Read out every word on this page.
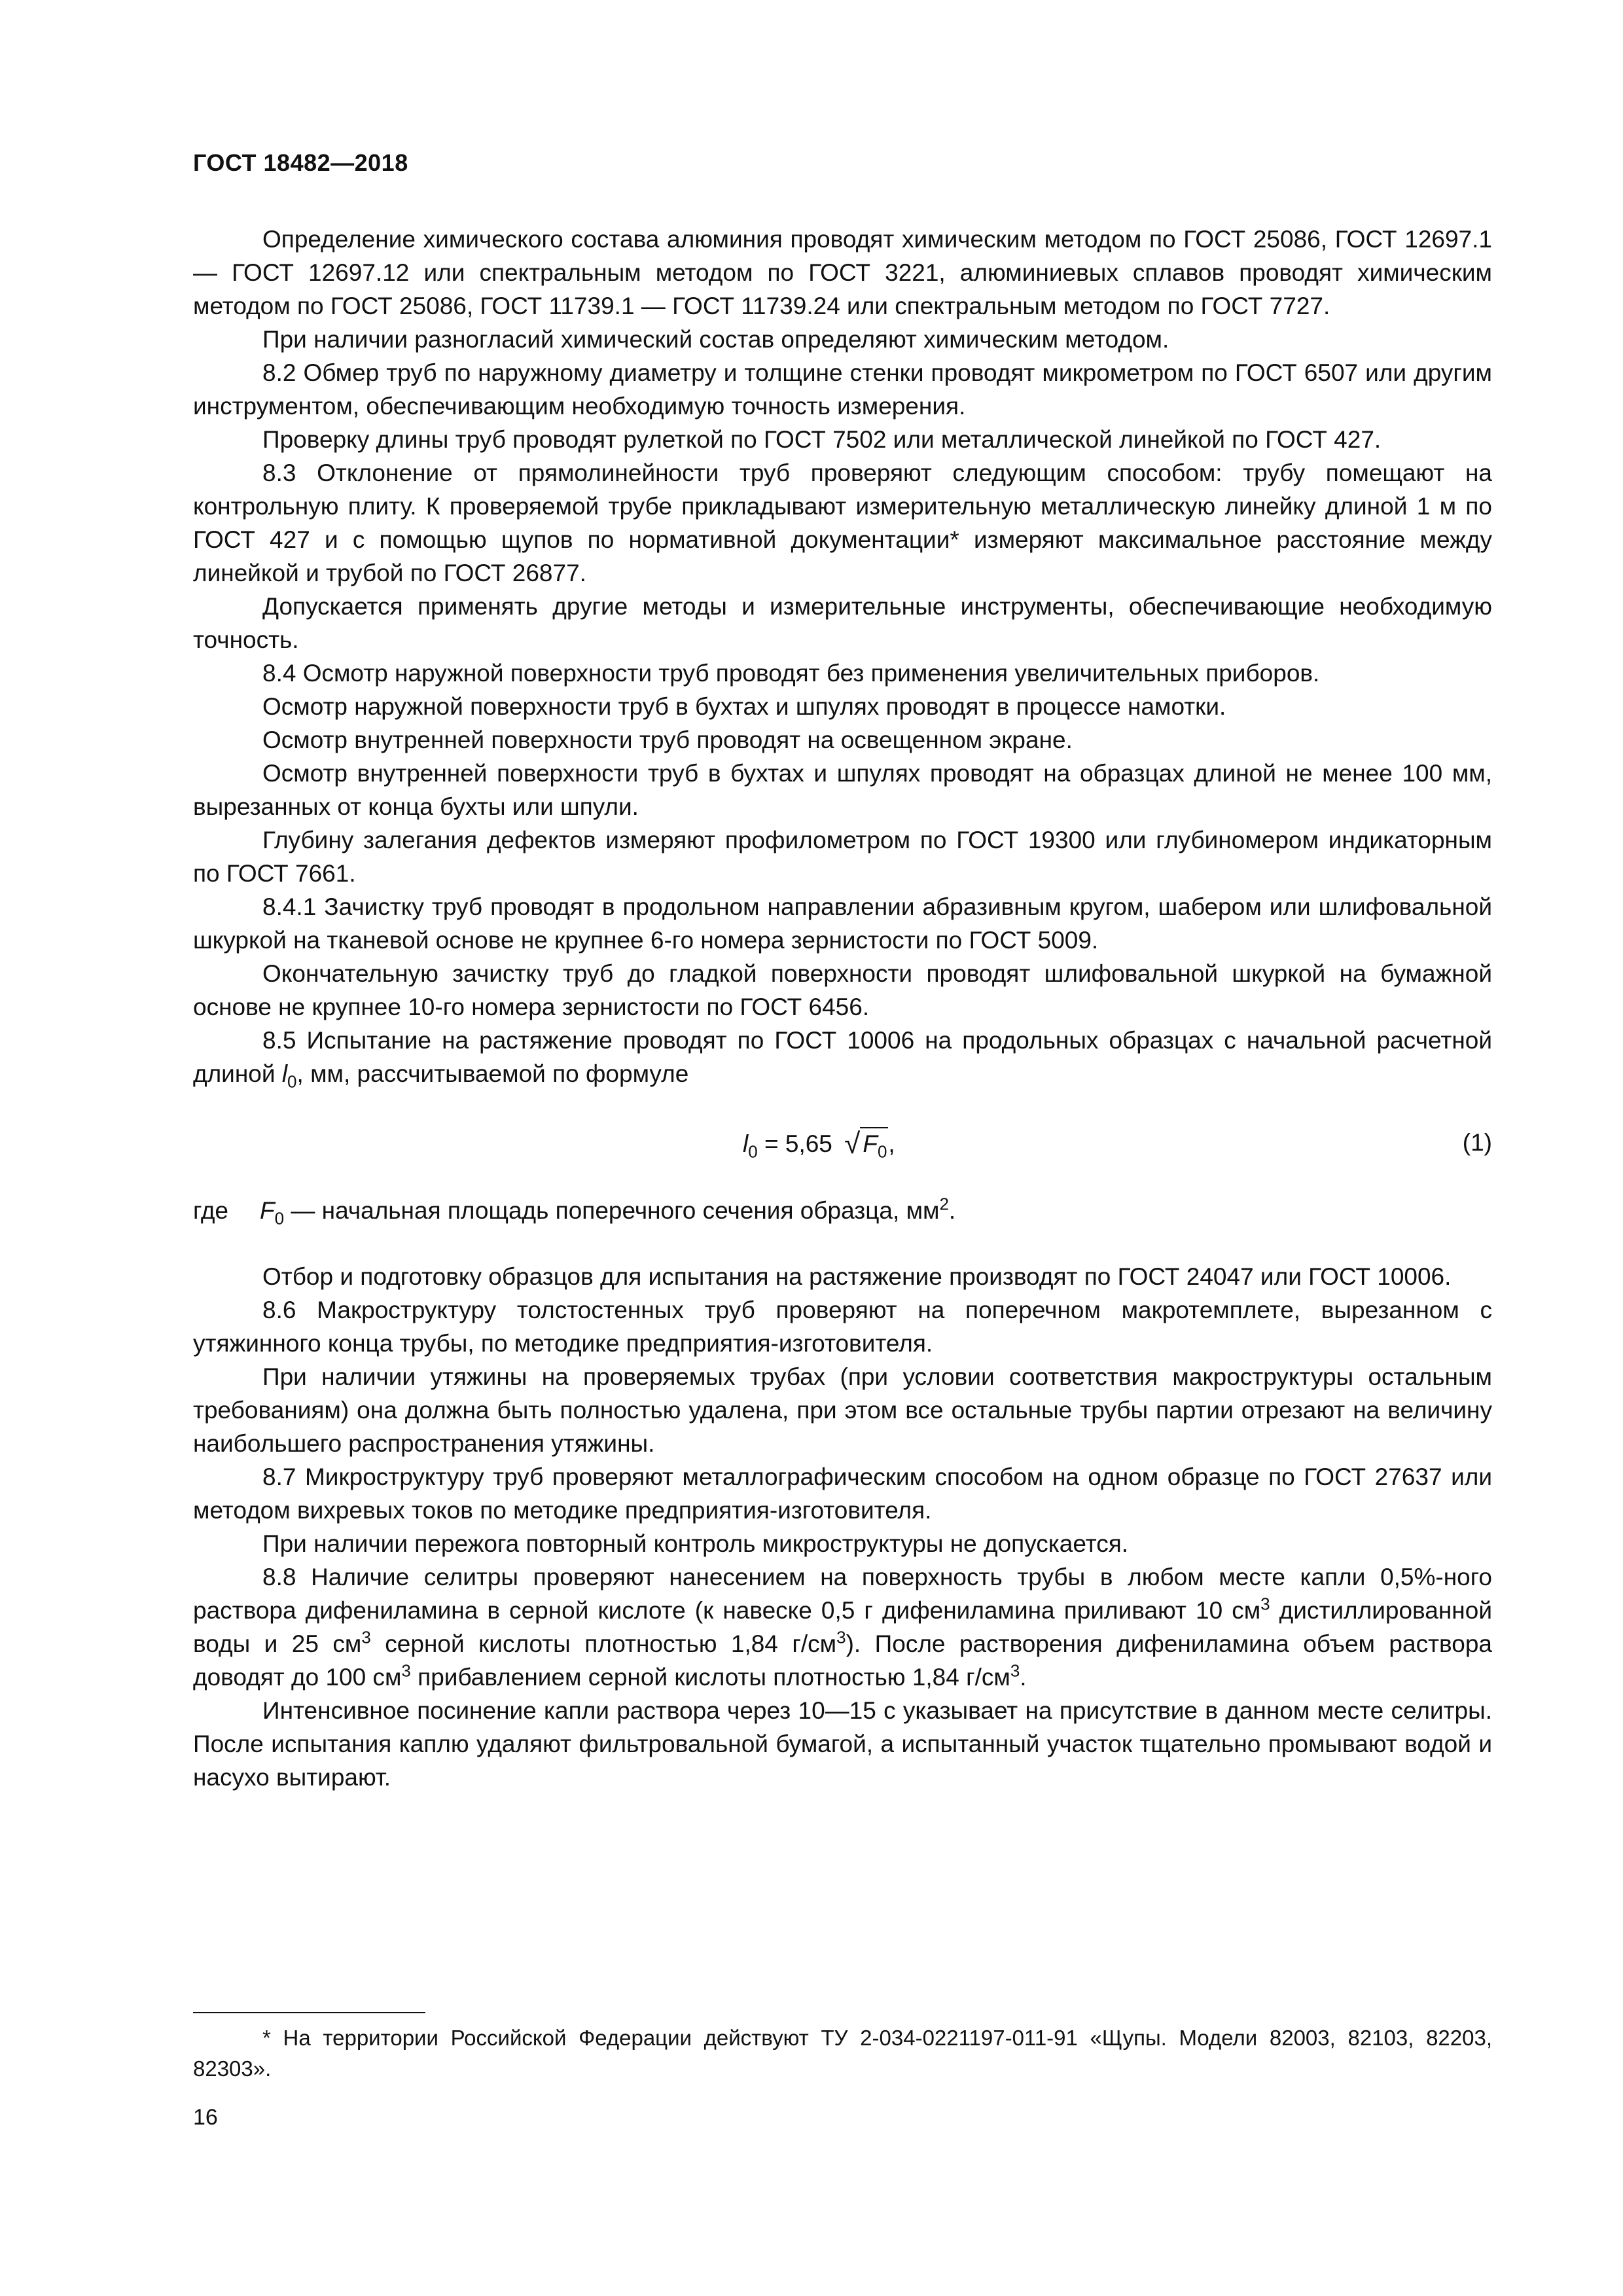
ГОСТ 18482—2018

Определение химического состава алюминия проводят химическим методом по ГОСТ 25086, ГОСТ 12697.1 — ГОСТ 12697.12 или спектральным методом по ГОСТ 3221, алюминиевых сплавов проводят химическим методом по ГОСТ 25086, ГОСТ 11739.1 — ГОСТ 11739.24 или спектральным методом по ГОСТ 7727.

При наличии разногласий химический состав определяют химическим методом.

8.2 Обмер труб по наружному диаметру и толщине стенки проводят микрометром по ГОСТ 6507 или другим инструментом, обеспечивающим необходимую точность измерения.

Проверку длины труб проводят рулеткой по ГОСТ 7502 или металлической линейкой по ГОСТ 427.

8.3 Отклонение от прямолинейности труб проверяют следующим способом: трубу помещают на контрольную плиту. К проверяемой трубе прикладывают измерительную металлическую линейку длиной 1 м по ГОСТ 427 и с помощью щупов по нормативной документации* измеряют максимальное расстояние между линейкой и трубой по ГОСТ 26877.

Допускается применять другие методы и измерительные инструменты, обеспечивающие необходимую точность.

8.4 Осмотр наружной поверхности труб проводят без применения увеличительных приборов.

Осмотр наружной поверхности труб в бухтах и шпулях проводят в процессе намотки.

Осмотр внутренней поверхности труб проводят на освещенном экране.

Осмотр внутренней поверхности труб в бухтах и шпулях проводят на образцах длиной не менее 100 мм, вырезанных от конца бухты или шпули.

Глубину залегания дефектов измеряют профилометром по ГОСТ 19300 или глубиномером индикаторным по ГОСТ 7661.

8.4.1 Зачистку труб проводят в продольном направлении абразивным кругом, шабером или шлифовальной шкуркой на тканевой основе не крупнее 6-го номера зернистости по ГОСТ 5009.

Окончательную зачистку труб до гладкой поверхности проводят шлифовальной шкуркой на бумажной основе не крупнее 10-го номера зернистости по ГОСТ 6456.

8.5 Испытание на растяжение проводят по ГОСТ 10006 на продольных образцах с начальной расчетной длиной $l_0$, мм, рассчитываемой по формуле

$l_0 = 5,65$ √ $F_0$,	(1)

где $F_0$ — начальная площадь поперечного сечения образца, $мм^2$.

Отбор и подготовку образцов для испытания на растяжение производят по ГОСТ 24047 или ГОСТ 10006.

8.6 Макроструктуру толстостенных труб проверяют на поперечном макротемплете, вырезанном с утяжинного конца трубы, по методике предприятия-изготовителя.

При наличии утяжины на проверяемых трубах (при условии соответствия макроструктуры остальным требованиям) она должна быть полностью удалена, при этом все остальные трубы партии отрезают на величину наибольшего распространения утяжины.

8.7 Микроструктуру труб проверяют металлографическим способом на одном образце по ГОСТ 27637 или методом вихревых токов по методике предприятия-изготовителя.

При наличии пережога повторный контроль микроструктуры не допускается.

8.8 Наличие селитры проверяют нанесением на поверхность трубы в любом месте капли 0,5%-ного раствора дифениламина в серной кислоте (к навеске 0,5 г дифениламина приливают 10 $см^3$ дистиллированной воды и 25 $см^3$ серной кислоты плотностью 1,84 $г/см^3$). После растворения дифениламина объем раствора доводят до 100 $см^3$ прибавлением серной кислоты плотностью 1,84 $г/см^3$.

Интенсивное посинение капли раствора через 10—15 с указывает на присутствие в данном месте селитры. После испытания каплю удаляют фильтровальной бумагой, а испытанный участок тщательно промывают водой и насухо вытирают.

* На территории Российской Федерации действуют ТУ 2-034-0221197-011-91 «Щупы. Модели 82003, 82103, 82203, 82303».

16
